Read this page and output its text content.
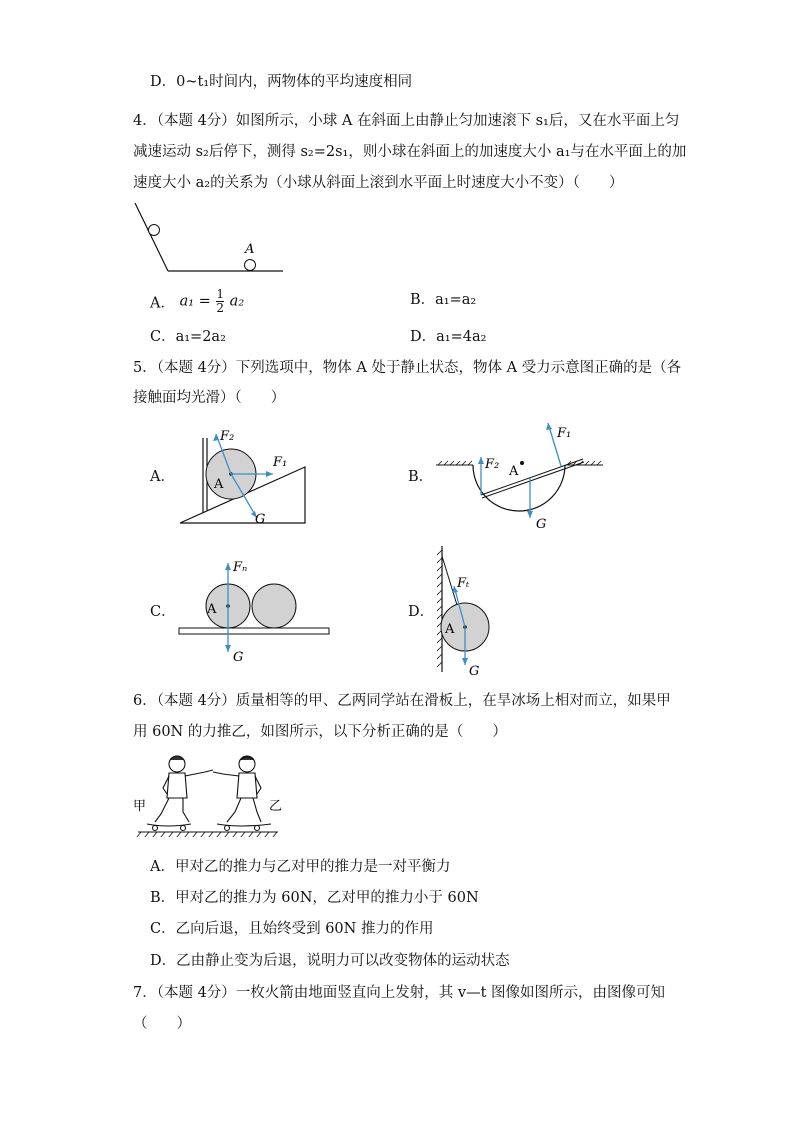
D．0~t₁时间内，两物体的平均速度相同
4．（本题 4分）如图所示，小球 A 在斜面上由静止匀加速滚下 s₁后，又在水平面上匀
减速运动 s₂后停下，测得 s₂=2s₁，则小球在斜面上的加速度大小 a₁与在水平面上的加
速度大小 a₂的关系为（小球从斜面上滚到水平面上时速度大小不变）（　　）
A
A． $a_1 = \frac{1}{2} a_2$	B．a₁=a₂
C．a₁=2a₂	D．a₁=4a₂
5．（本题 4分）下列选项中，物体 A 处于静止状态，物体 A 受力示意图正确的是（各
接触面均光滑）（　　）
A．
F₂
F₁
A
G
B．
F₂ A
F₁
G
C．
Fₙ
A
G
D．
Fₜ
A
G
6．（本题 4分）质量相等的甲、乙两同学站在滑板上，在旱冰场上相对而立，如果甲
用 60N 的力推乙，如图所示，以下分析正确的是（　　）
甲	乙
A．甲对乙的推力与乙对甲的推力是一对平衡力
B．甲对乙的推力为 60N，乙对甲的推力小于 60N
C．乙向后退，且始终受到 60N 推力的作用
D．乙由静止变为后退，说明力可以改变物体的运动状态
7．（本题 4分）一枚火箭由地面竖直向上发射，其 v—t 图像如图所示，由图像可知
（　　）
